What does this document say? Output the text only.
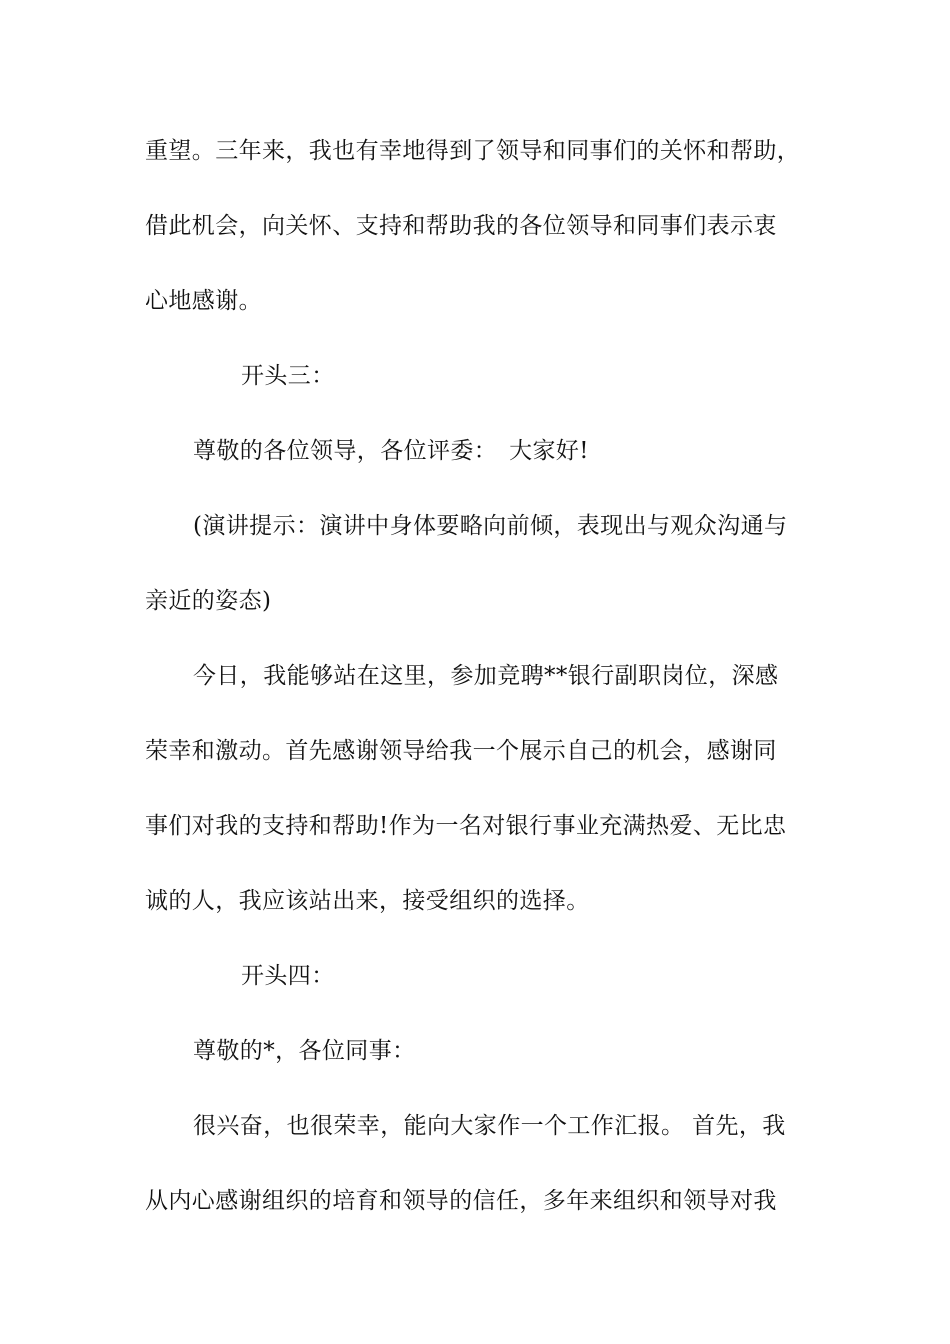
重望。三年来，我也有幸地得到了领导和同事们的关怀和帮助，
借此机会，向关怀、支持和帮助我的各位领导和同事们表示衷
心地感谢。
开头三：
尊敬的各位领导，各位评委：　大家好!
(演讲提示：演讲中身体要略向前倾，表现出与观众沟通与
亲近的姿态)
今日，我能够站在这里，参加竞聘**银行副职岗位，深感
荣幸和激动。首先感谢领导给我一个展示自己的机会，感谢同
事们对我的支持和帮助!作为一名对银行事业充满热爱、无比忠
诚的人，我应该站出来，接受组织的选择。
开头四：
尊敬的*，各位同事：
很兴奋，也很荣幸，能向大家作一个工作汇报。 首先，我
从内心感谢组织的培育和领导的信任，多年来组织和领导对我
